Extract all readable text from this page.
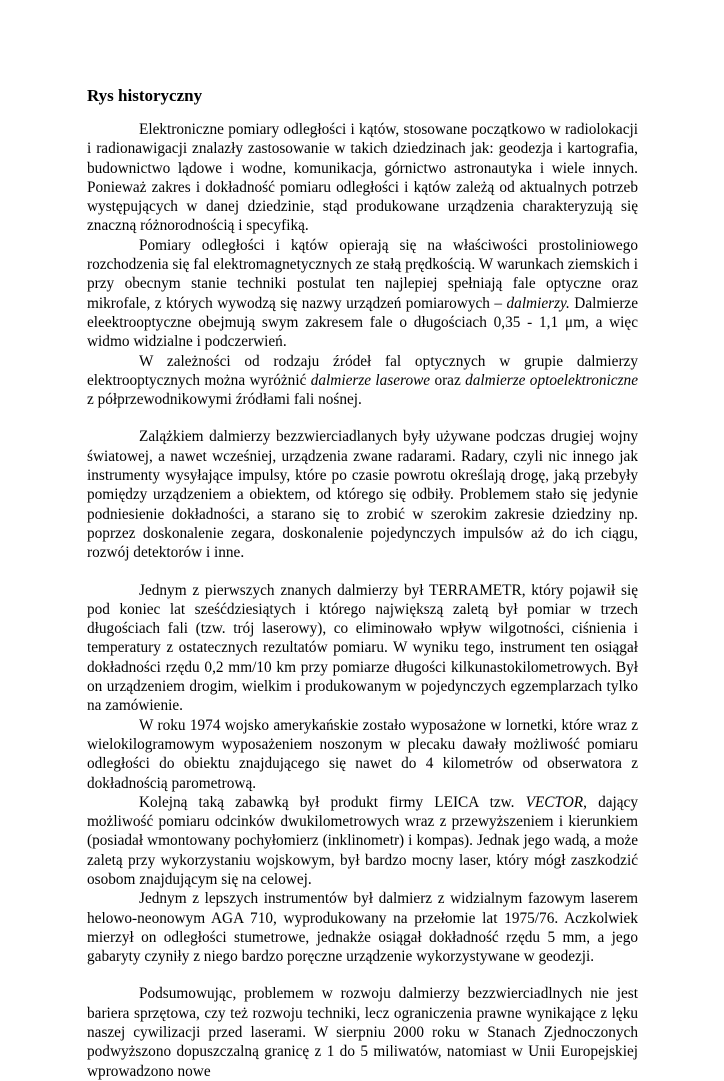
Rys historyczny

Elektroniczne pomiary odległości i kątów, stosowane początkowo w radiolokacji i radionawigacji znalazły zastosowanie w takich dziedzinach jak: geodezja i kartografia, budownictwo lądowe i wodne, komunikacja, górnictwo astronautyka i wiele innych. Ponieważ zakres i dokładność pomiaru odległości i kątów zależą od aktualnych potrzeb występujących w danej dziedzinie, stąd produkowane urządzenia charakteryzują się znaczną różnorodnością i specyfiką.

Pomiary odległości i kątów opierają się na właściwości prostoliniowego rozchodzenia się fal elektromagnetycznych ze stałą prędkością. W warunkach ziemskich i przy obecnym stanie techniki postulat ten najlepiej spełniają fale optyczne oraz mikrofale, z których wywodzą się nazwy urządzeń pomiarowych – dalmierzy. Dalmierze eleektrooptyczne obejmują swym zakresem fale o długościach 0,35 - 1,1 μm, a więc widmo widzialne i podczerwień.

W zależności od rodzaju źródeł fal optycznych w grupie dalmierzy elektrooptycznych można wyróżnić dalmierze laserowe oraz dalmierze optoelektroniczne z półprzewodnikowymi źródłami fali nośnej.

Zalążkiem dalmierzy bezzwierciadlanych były używane podczas drugiej wojny światowej, a nawet wcześniej, urządzenia zwane radarami. Radary, czyli nic innego jak instrumenty wysyłające impulsy, które po czasie powrotu określają drogę, jaką przebyły pomiędzy urządzeniem a obiektem, od którego się odbiły. Problemem stało się jedynie podniesienie dokładności, a starano się to zrobić w szerokim zakresie dziedziny np. poprzez doskonalenie zegara, doskonalenie pojedynczych impulsów aż do ich ciągu, rozwój detektorów i inne.

Jednym z pierwszych znanych dalmierzy był TERRAMETR, który pojawił się pod koniec lat sześćdziesiątych i którego największą zaletą był pomiar w trzech długościach fali (tzw. trój laserowy), co eliminowało wpływ wilgotności, ciśnienia i temperatury z ostatecznych rezultatów pomiaru. W wyniku tego, instrument ten osiągał dokładności rzędu 0,2 mm/10 km przy pomiarze długości kilkunastokilometrowych. Był on urządzeniem drogim, wielkim i produkowanym w pojedynczych egzemplarzach tylko na zamówienie.

W roku 1974 wojsko amerykańskie zostało wyposażone w lornetki, które wraz z wielokilogramowym wyposażeniem noszonym w plecaku dawały możliwość pomiaru odległości do obiektu znajdującego się nawet do 4 kilometrów od obserwatora z dokładnością parometrową.

Kolejną taką zabawką był produkt firmy LEICA tzw. VECTOR, dający możliwość pomiaru odcinków dwukilometrowych wraz z przewyższeniem i kierunkiem (posiadał wmontowany pochyłomierz (inklinometr) i kompas). Jednak jego wadą, a może zaletą przy wykorzystaniu wojskowym, był bardzo mocny laser, który mógł zaszkodzić osobom znajdującym się na celowej.

Jednym z lepszych instrumentów był dalmierz z widzialnym fazowym laserem helowo-neonowym AGA 710, wyprodukowany na przełomie lat 1975/76. Aczkolwiek mierzył on odległości stumetrowe, jednakże osiągał dokładność rzędu 5 mm, a jego gabaryty czyniły z niego bardzo poręczne urządzenie wykorzystywane w geodezji.

Podsumowując, problemem w rozwoju dalmierzy bezzwierciadlnych nie jest bariera sprzętowa, czy też rozwoju techniki, lecz ograniczenia prawne wynikające z lęku naszej cywilizacji przed laserami. W sierpniu 2000 roku w Stanach Zjednoczonych podwyższono dopuszczalną granicę z 1 do 5 miliwatów, natomiast w Unii Europejskiej wprowadzono nowe
